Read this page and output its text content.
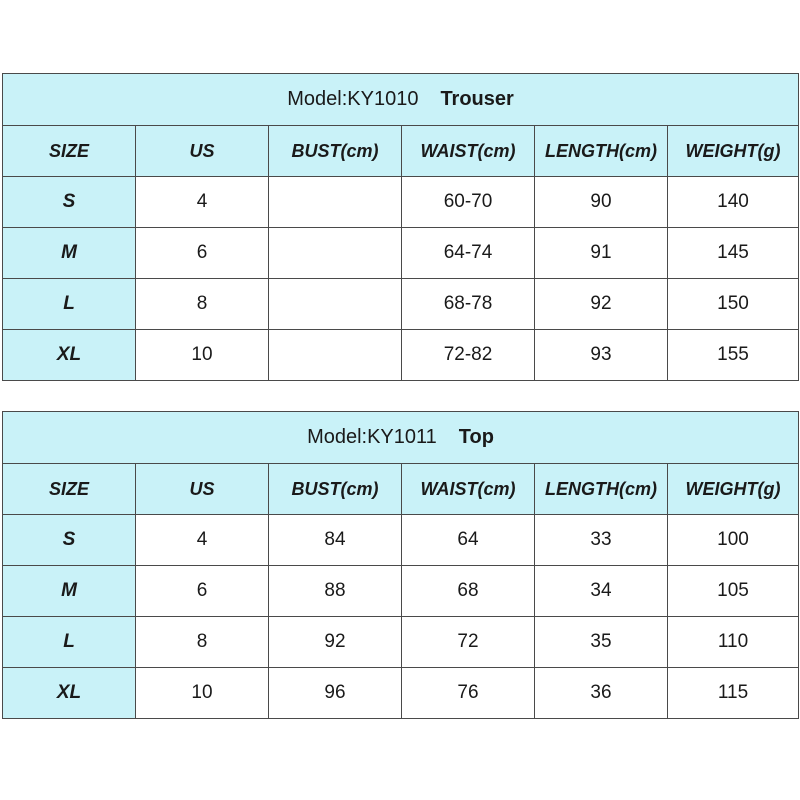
Model:KY1010 Trouser					
SIZE	US	BUST(cm)	WAIST(cm)	LENGTH(cm)	WEIGHT(g)
S	4		60-70	90	140
M	6		64-74	91	145
L	8		68-78	92	150
XL	10		72-82	93	155
Model:KY1011 Top					
SIZE	US	BUST(cm)	WAIST(cm)	LENGTH(cm)	WEIGHT(g)
S	4	84	64	33	100
M	6	88	68	34	105
L	8	92	72	35	110
XL	10	96	76	36	115
